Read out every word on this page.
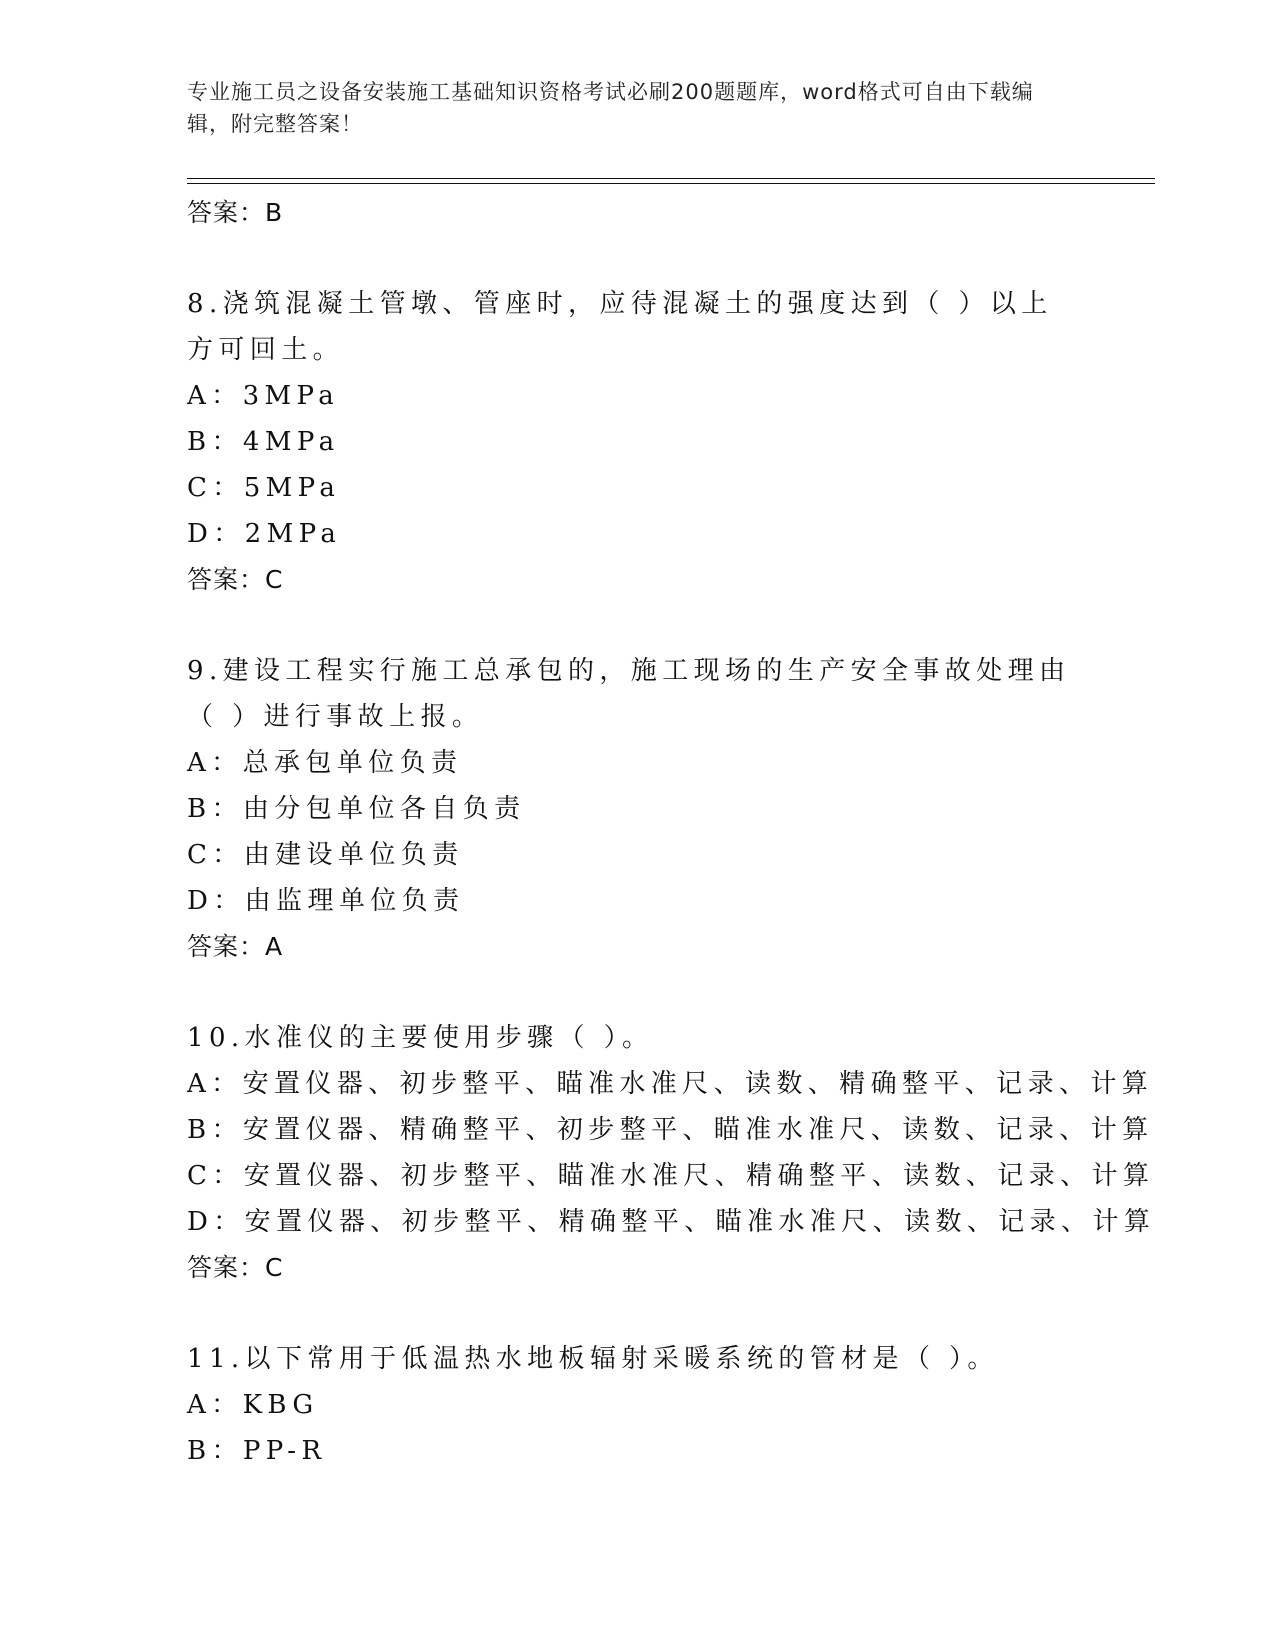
专业施工员之设备安装施工基础知识资格考试必刷200题题库，word格式可自由下载编辑，附完整答案！
答案：B
8.浇筑混凝土管墩、管座时，应待混凝土的强度达到（ ）以上方可回土。
A：3MPa
B：4MPa
C：5MPa
D：2MPa
答案：C
9.建设工程实行施工总承包的，施工现场的生产安全事故处理由（ ）进行事故上报。
A：总承包单位负责
B：由分包单位各自负责
C：由建设单位负责
D：由监理单位负责
答案：A
10.水准仪的主要使用步骤（ ）。
A：安置仪器、初步整平、瞄准水准尺、读数、精确整平、记录、计算
B：安置仪器、精确整平、初步整平、瞄准水准尺、读数、记录、计算
C：安置仪器、初步整平、瞄准水准尺、精确整平、读数、记录、计算
D：安置仪器、初步整平、精确整平、瞄准水准尺、读数、记录、计算
答案：C
11.以下常用于低温热水地板辐射采暖系统的管材是（ ）。
A：KBG
B：PP-R
